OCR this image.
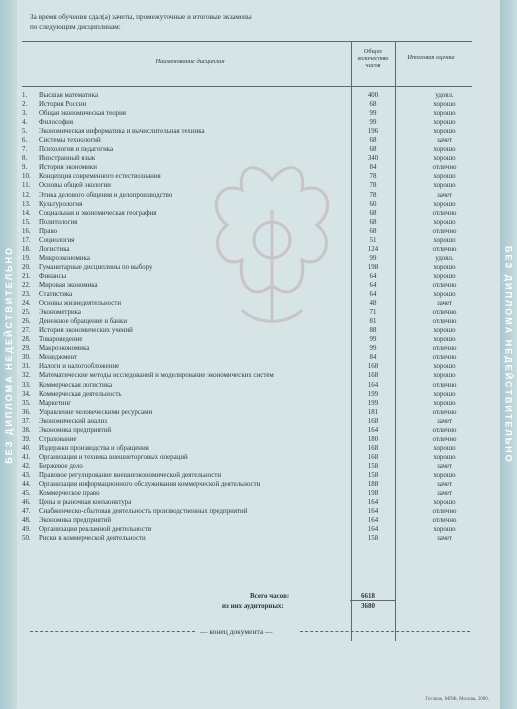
БЕЗ ДИПЛОМА НЕДЕЙСТВИТЕЛЬНО	БЕЗ ДИПЛОМА НЕДЕЙСТВИТЕЛЬНО
За время обучения сдал(а) зачеты, промежуточные и итоговые экзамены
по следующим дисциплинам:
Наименование дисциплин
Общее количество часов
Итоговая оценка
1.	Высшая математика	400	удовл.
2.	История России	68	хорошо
3.	Общая экономическая теория	99	хорошо
4.	Философия	99	хорошо
5.	Экономическая информатика и вычислительная техника	196	хорошо
6.	Системы технологий	68	зачет
7.	Психология и педагогика	68	хорошо
8.	Иностранный язык	340	хорошо
9.	История экономики	84	отлично
10.	Концепция современного естествознания	78	хорошо
11.	Основы общей экологии	78	хорошо
12.	Этика делового общения и делопроизводство	78	зачет
13.	Культурология	60	хорошо
14.	Социальная и экономическая география	68	отлично
15.	Политология	68	хорошо
16.	Право	68	отлично
17.	Социология	51	хорошо
18.	Логистика	124	отлично
19.	Микроэкономика	99	удовл.
20.	Гуманитарные дисциплины по выбору	198	хорошо
21.	Финансы	64	хорошо
22.	Мировая экономика	64	отлично
23.	Статистика	64	хорошо
24.	Основы жизнедеятельности	48	зачет
25.	Эконометрика	71	отлично
26.	Денежное обращение и банки	81	отлично
27.	История экономических учений	88	хорошо
28.	Товароведение	99	хорошо
29.	Макроэкономика	99	отлично
30.	Менеджмент	84	отлично
31.	Налоги и налогообложение	168	хорошо
32.	Математические методы исследований и моделирование экономических систем	168	хорошо
33.	Коммерческая логистика	164	отлично
34.	Коммерческая деятельность	199	хорошо
35.	Маркетинг	199	хорошо
36.	Управление человеческими ресурсами	181	отлично
37.	Экономический анализ	168	зачет
38.	Экономика предприятий	164	отлично
39.	Страхование	180	отлично
40.	Издержки производства и обращения	168	хорошо
41.	Организация и техника внешнеторговых операций	168	хорошо
42.	Биржевое дело	158	зачет
43.	Правовое регулирование внешнеэкономической деятельности	158	хорошо
44.	Организация информационного обслуживания коммерческой деятельности	188	зачет
45.	Коммерческое право	198	зачет
46.	Цены и рыночная конъюнктура	164	хорошо
47.	Снабженческо-сбытовая деятельность производственных предприятий	164	отлично
48.	Экономика предприятий	164	отлично
49.	Организация рекламной деятельности	164	хорошо
50.	Риски в коммерческой деятельности	158	зачет
Всего часов:	6618
из них аудиторных:	3680
— конец документа —
Госзнак, МПФ, Москва, 2000.
